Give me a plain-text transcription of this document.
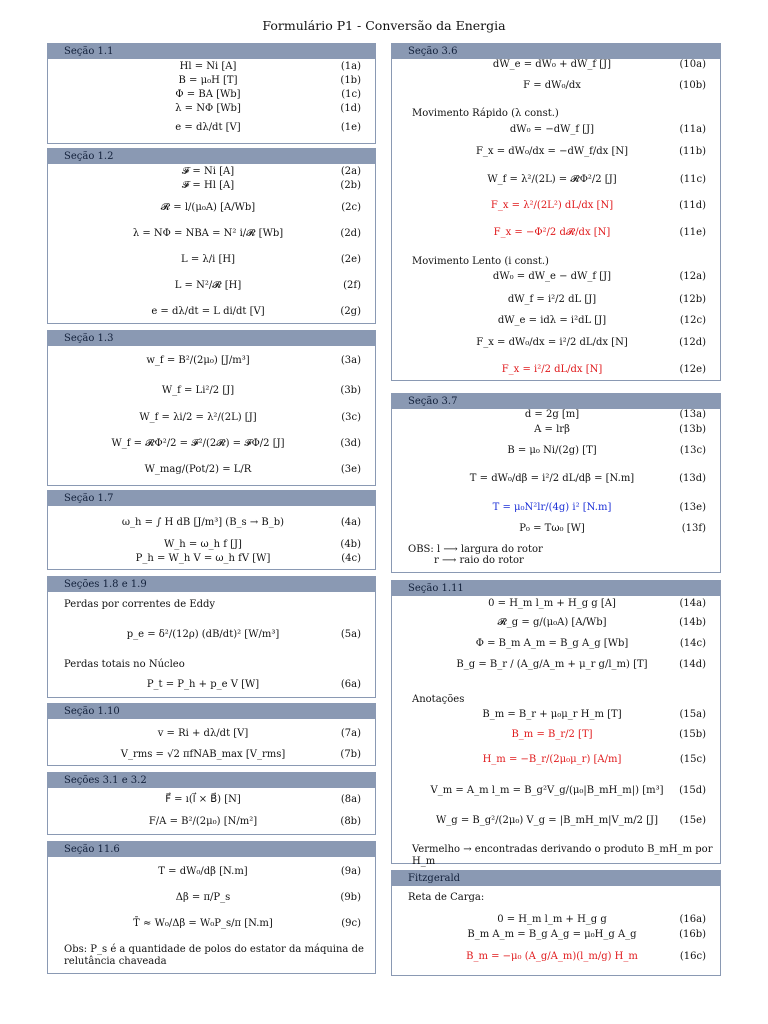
Formulário P1 - Conversão da Energia
Seção 1.1
Hl = Ni [A]	(1a)
B = μ₀H [T]	(1b)
Φ = BA [Wb]	(1c)
λ = NΦ [Wb]	(1d)
e = dλ/dt [V]	(1e)
Seção 1.2
𝓕 = Ni [A]	(2a)
𝓕 = Hl [A]	(2b)
𝓡 = l/(μ₀A) [A/Wb]	(2c)
λ = NΦ = NBA = N² i/𝓡 [Wb]	(2d)
L = λ/i [H]	(2e)
L = N²/𝓡 [H]	(2f)
e = dλ/dt = L di/dt [V]	(2g)
Seção 1.3
w_f = B²/(2μ₀) [J/m³]	(3a)
W_f = Li²/2 [J]	(3b)
W_f = λi/2 = λ²/(2L) [J]	(3c)
W_f = 𝓡Φ²/2 = 𝓕²/(2𝓡) = 𝓕Φ/2 [J]	(3d)
W_mag/(Pot/2) = L/R	(3e)
Seção 1.7
ω_h = ∫ H dB [J/m³] (B_s → B_b)	(4a)
W_h = ω_h f [J]	(4b)
P_h = W_h V = ω_h fV [W]	(4c)
Seções 1.8 e 1.9
Perdas por correntes de Eddy
p_e = δ²/(12ρ) (dB/dt)² [W/m³]	(5a)
Perdas totais no Núcleo
P_t = P_h + p_e V [W]	(6a)
Seção 1.10
v = Ri + dλ/dt [V]	(7a)
V_rms = √2 πfNAB_max [V_rms]	(7b)
Seções 3.1 e 3.2
F⃗ = ı(l⃗ × B⃗) [N]	(8a)
F/A = B²/(2μ₀) [N/m²]	(8b)
Seção 11.6
T = dW₀/dβ [N.m]	(9a)
Δβ = π/P_s	(9b)
T̄ ≈ W₀/Δβ = W₀P_s/π [N.m]	(9c)
Obs: P_s é a quantidade de polos do estator da máquina de relutância chaveada
Seção 3.6
dW_e = dW₀ + dW_f [J]	(10a)
F = dW₀/dx	(10b)
Movimento Rápido (λ const.)
dW₀ = −dW_f [J]	(11a)
F_x = dW₀/dx = −dW_f/dx [N]	(11b)
W_f = λ²/(2L) = 𝓡Φ²/2 [J]	(11c)
F_x = λ²/(2L²) dL/dx [N]	(11d)
F_x = −Φ²/2 d𝓡/dx [N]	(11e)
Movimento Lento (i const.)
dW₀ = dW_e − dW_f [J]	(12a)
dW_f = i²/2 dL [J]	(12b)
dW_e = idλ = i²dL [J]	(12c)
F_x = dW₀/dx = i²/2 dL/dx [N]	(12d)
F_x = i²/2 dL/dx [N]	(12e)
Seção 3.7
d = 2g [m]	(13a)
A = lrβ	(13b)
B = μ₀ Ni/(2g) [T]	(13c)
T = dW₀/dβ = i²/2 dL/dβ = [N.m]	(13d)
T = μ₀N²lr/(4g) i² [N.m]	(13e)
P₀ = Tω₀ [W]	(13f)
OBS: l ⟶ largura do rotor
r ⟶ raio do rotor
Seção 1.11
0 = H_m l_m + H_g g [A]	(14a)
𝓡_g = g/(μ₀A) [A/Wb]	(14b)
Φ = B_m A_m = B_g A_g [Wb]	(14c)
B_g = B_r / (A_g/A_m + μ_r g/l_m) [T]	(14d)
Anotações
B_m = B_r + μ₀μ_r H_m [T]	(15a)
B_m = B_r/2 [T]	(15b)
H_m = −B_r/(2μ₀μ_r) [A/m]	(15c)
V_m = A_m l_m = B_g²V_g/(μ₀|B_mH_m|) [m³]	(15d)
W_g = B_g²/(2μ₀) V_g = |B_mH_m|V_m/2 [J]	(15e)
Vermelho → encontradas derivando o produto B_mH_m por H_m
Fitzgerald
Reta de Carga:
0 = H_m l_m + H_g g	(16a)
B_m A_m = B_g A_g = μ₀H_g A_g	(16b)
B_m = −μ₀ (A_g/A_m)(l_m/g) H_m	(16c)
